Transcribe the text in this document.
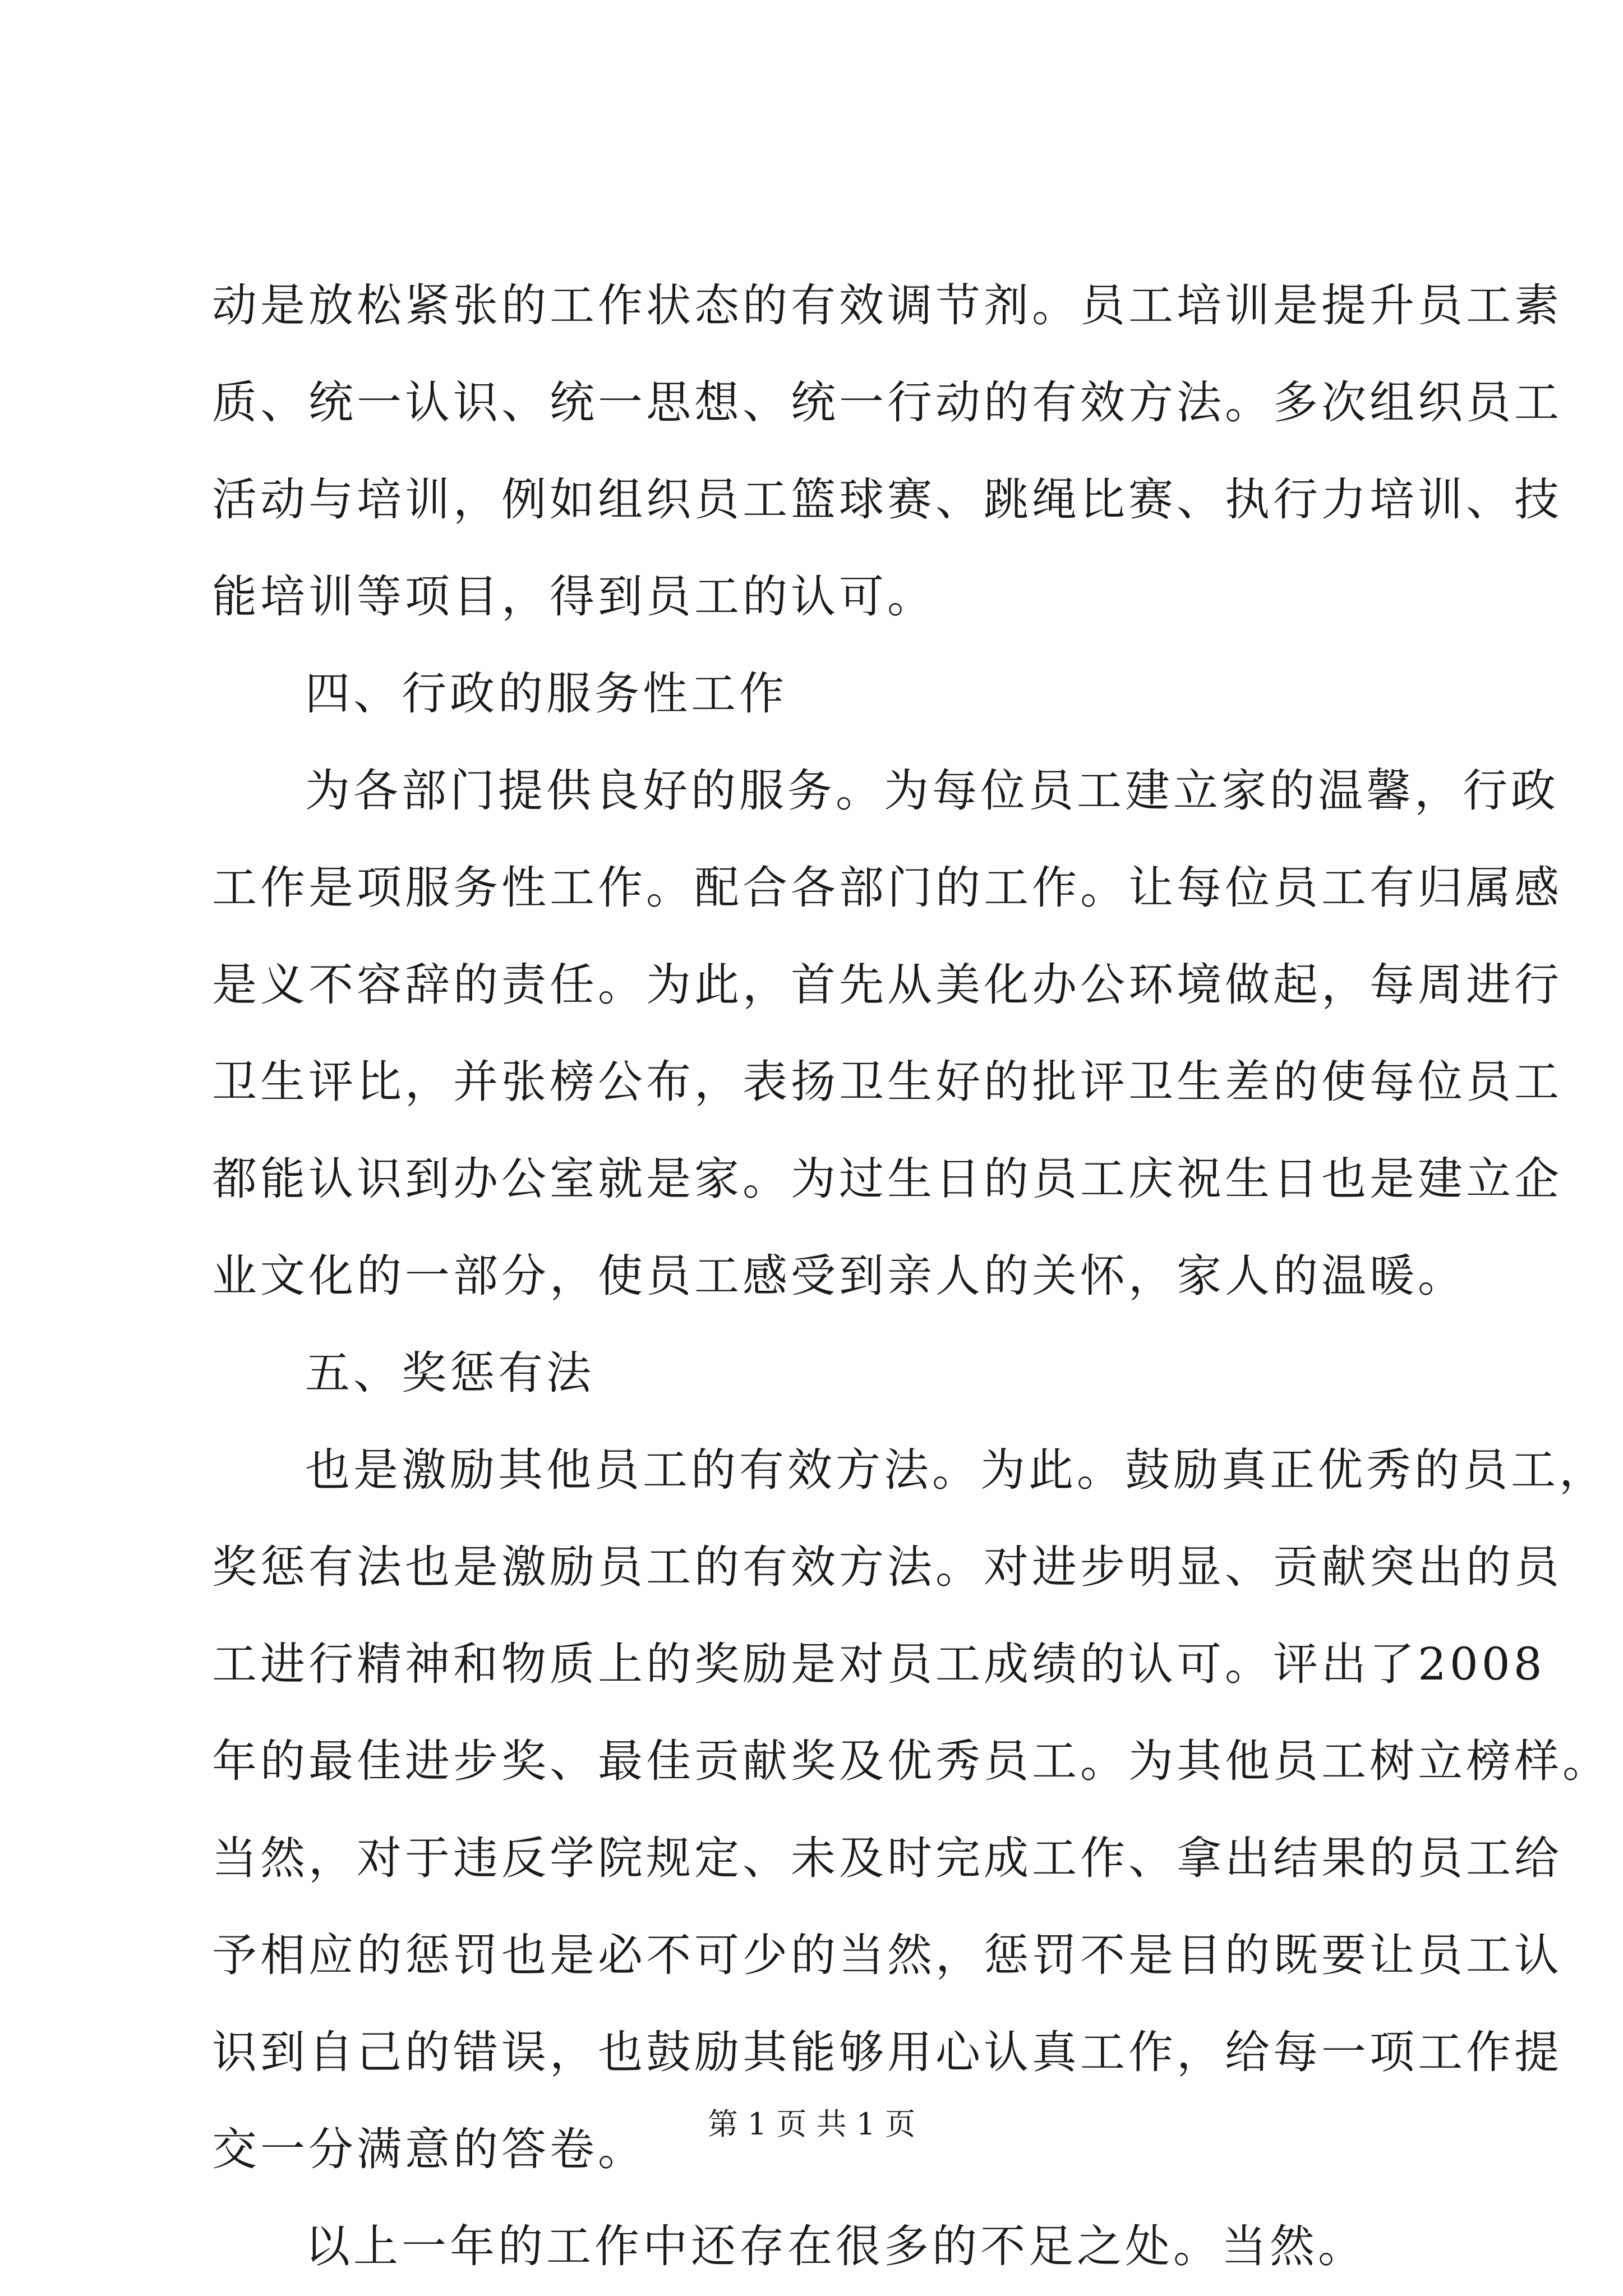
动是放松紧张的工作状态的有效调节剂。员工培训是提升员工素
质、统一认识、统一思想、统一行动的有效方法。多次组织员工
活动与培训，例如组织员工篮球赛、跳绳比赛、执行力培训、技
能培训等项目，得到员工的认可。
四、行政的服务性工作
为各部门提供良好的服务。为每位员工建立家的温馨，行政
工作是项服务性工作。配合各部门的工作。让每位员工有归属感
是义不容辞的责任。为此，首先从美化办公环境做起，每周进行
卫生评比，并张榜公布，表扬卫生好的批评卫生差的使每位员工
都能认识到办公室就是家。为过生日的员工庆祝生日也是建立企
业文化的一部分，使员工感受到亲人的关怀，家人的温暖。
五、奖惩有法
也是激励其他员工的有效方法。为此。鼓励真正优秀的员工，
奖惩有法也是激励员工的有效方法。对进步明显、贡献突出的员
工进行精神和物质上的奖励是对员工成绩的认可。评出了2008
年的最佳进步奖、最佳贡献奖及优秀员工。为其他员工树立榜样。
当然，对于违反学院规定、未及时完成工作、拿出结果的员工给
予相应的惩罚也是必不可少的当然，惩罚不是目的既要让员工认
识到自己的错误，也鼓励其能够用心认真工作，给每一项工作提
交一分满意的答卷。
以上一年的工作中还存在很多的不足之处。当然。
第 1 页 共 1 页
